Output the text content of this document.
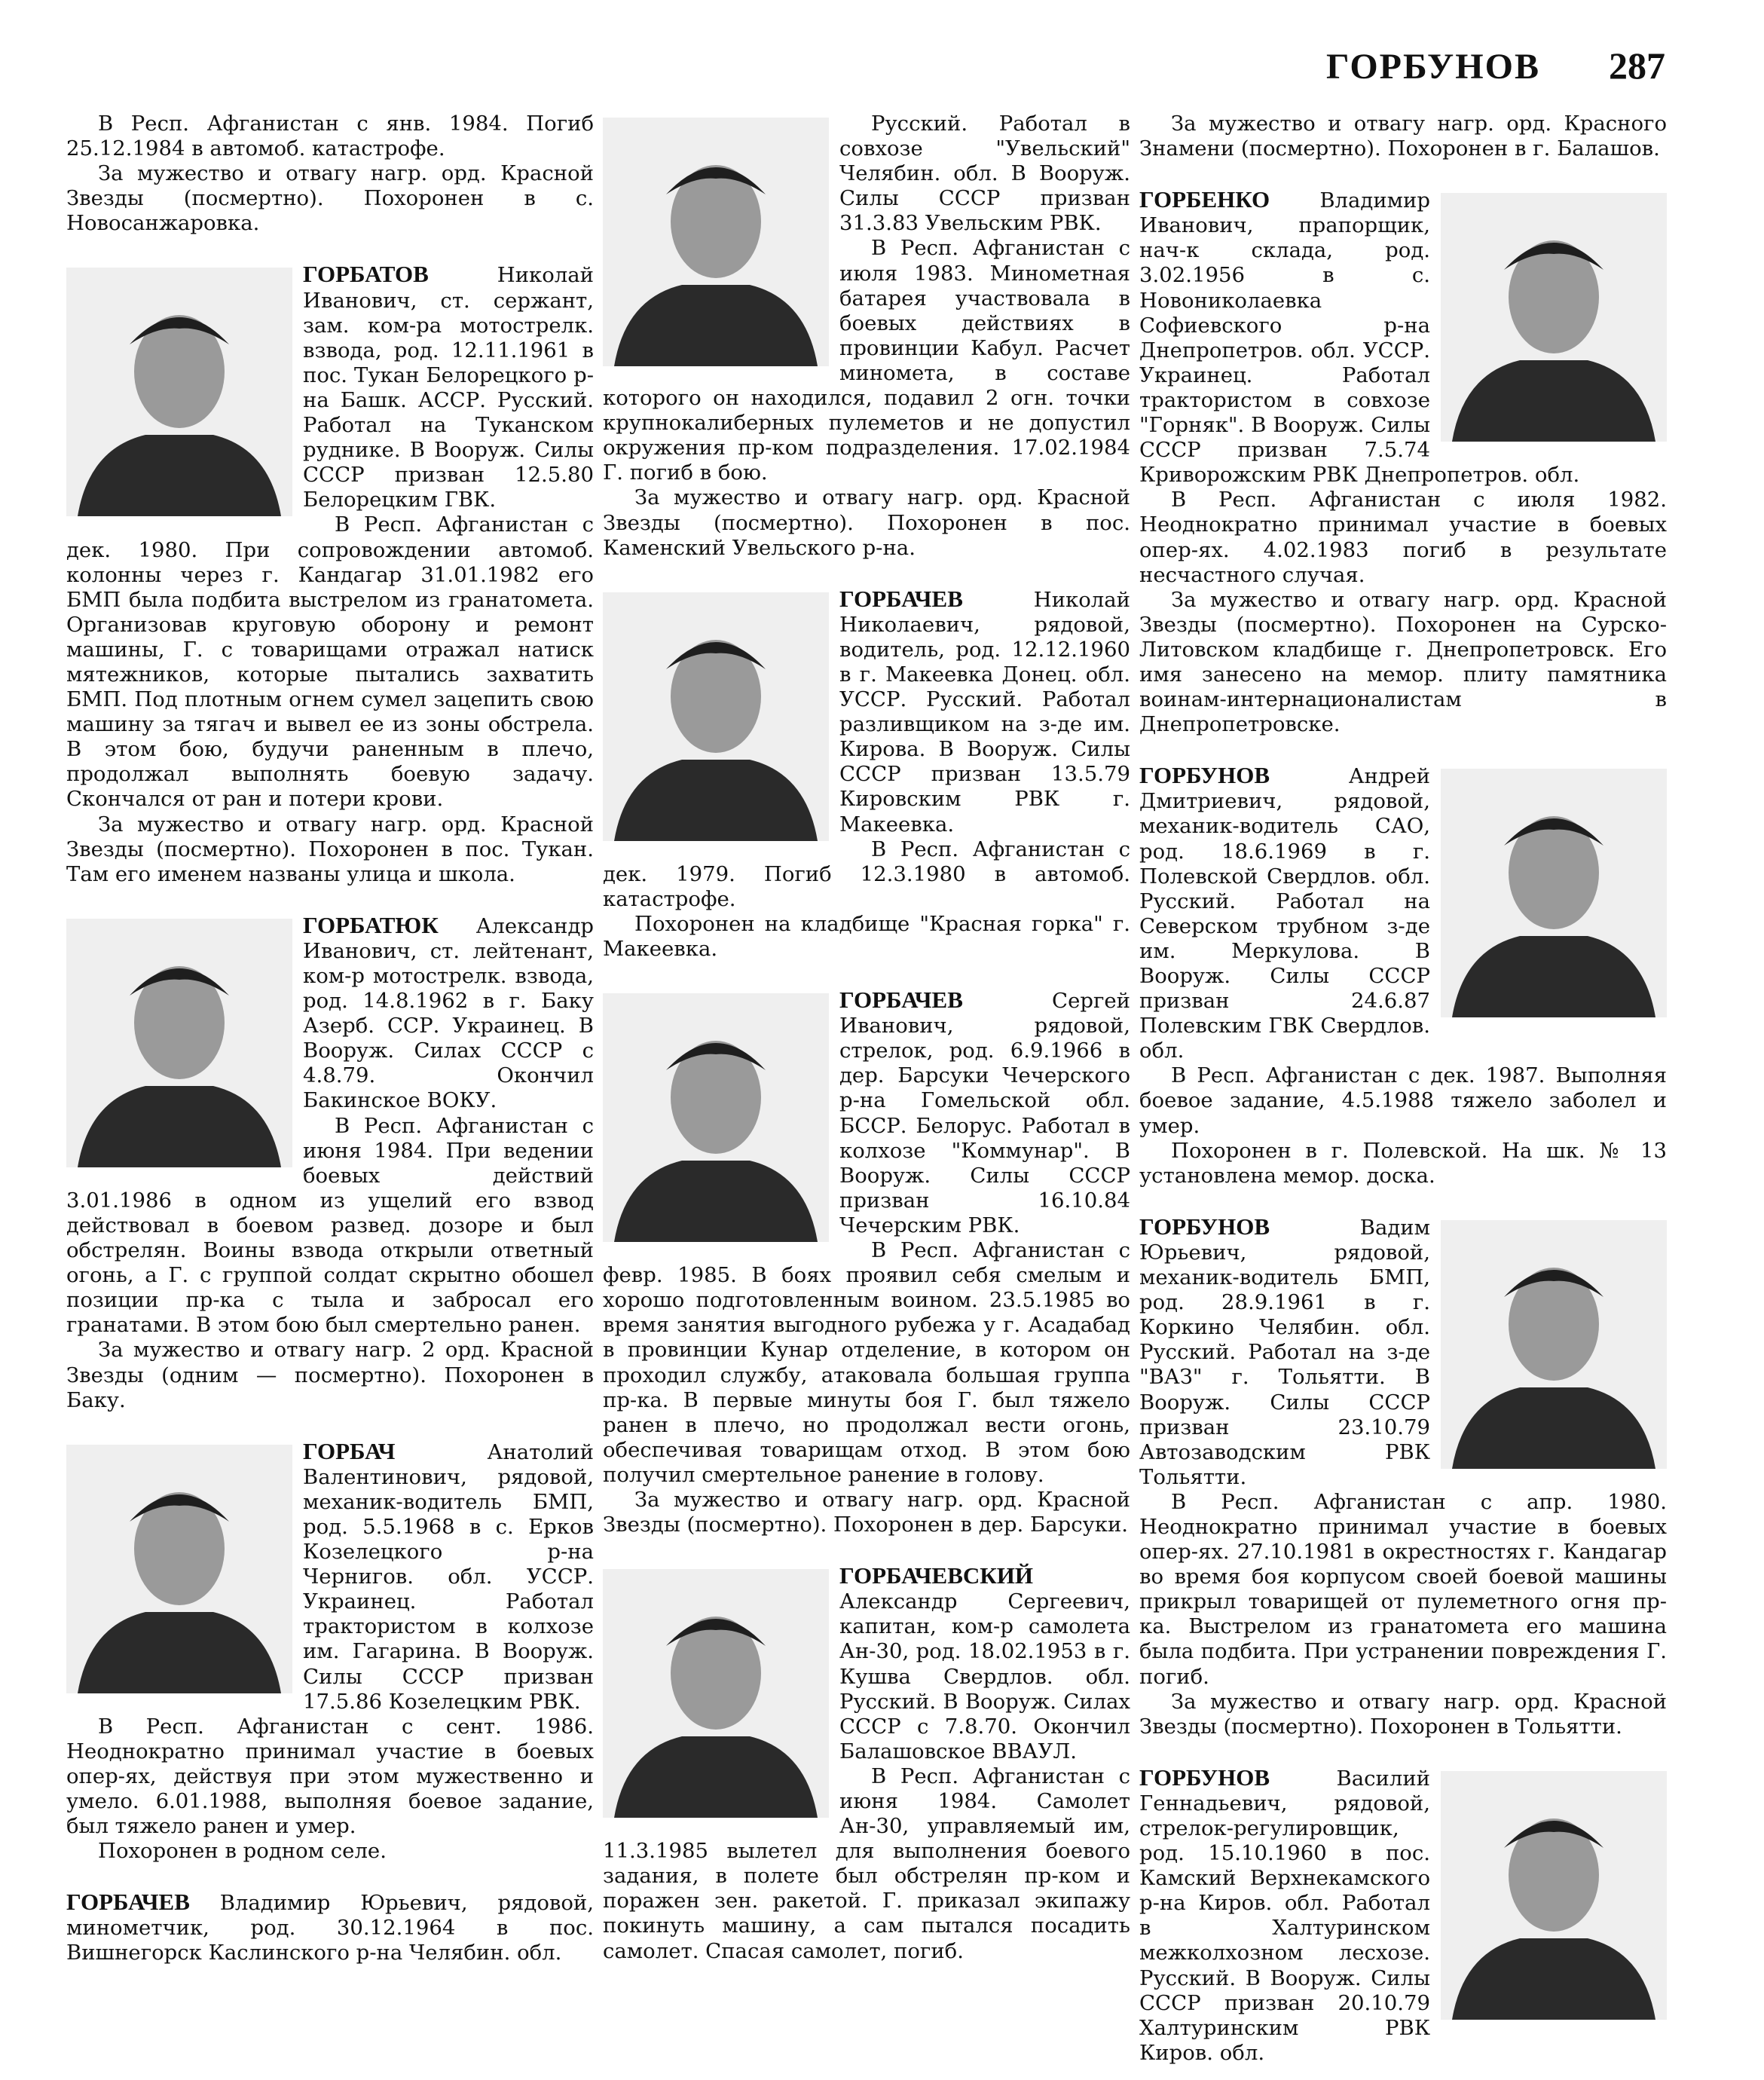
ГОРБУНОВ 287

В Респ. Афганистан с янв. 1984. Погиб 25.12.1984 в автомоб. катастрофе.

За мужество и отвагу нагр. орд. Красной Звезды (посмертно). Похоронен в с. Новосанжаровка.

ГОРБАТОВ Николай Иванович, ст. сержант, зам. ком-ра мотострелк. взвода, род. 12.11.1961 в пос. Тукан Белорецкого р-на Башк. АССР. Русский. Работал на Туканском руднике. В Вооруж. Силы СССР призван 12.5.80 Белорецким ГВК.

В Респ. Афганистан с дек. 1980. При сопровождении автомоб. колонны через г. Кандагар 31.01.1982 его БМП была подбита выстрелом из гранатомета. Организовав круговую оборону и ремонт машины, Г. с товарищами отражал натиск мятежников, которые пытались захватить БМП. Под плотным огнем сумел зацепить свою машину за тягач и вывел ее из зоны обстрела. В этом бою, будучи раненным в плечо, продолжал выполнять боевую задачу. Скончался от ран и потери крови.

За мужество и отвагу нагр. орд. Красной Звезды (посмертно). Похоронен в пос. Тукан. Там его именем названы улица и школа.

ГОРБАТЮК Александр Иванович, ст. лейтенант, ком-р мотострелк. взвода, род. 14.8.1962 в г. Баку Азерб. ССР. Украинец. В Вооруж. Силах СССР с 4.8.79. Окончил Бакинское ВОКУ.

В Респ. Афганистан с июня 1984. При ведении боевых действий 3.01.1986 в одном из ущелий его взвод действовал в боевом развед. дозоре и был обстрелян. Воины взвода открыли ответный огонь, а Г. с группой солдат скрытно обошел позиции пр-ка с тыла и забросал его гранатами. В этом бою был смертельно ранен.

За мужество и отвагу нагр. 2 орд. Красной Звезды (одним — посмертно). Похоронен в Баку.

ГОРБАЧ Анатолий Валентинович, рядовой, механик-водитель БМП, род. 5.5.1968 в с. Ерков Козелецкого р-на Чернигов. обл. УССР. Украинец. Работал трактористом в колхозе им. Гагарина. В Вооруж. Силы СССР призван 17.5.86 Козелецким РВК.

В Респ. Афганистан с сент. 1986. Неоднократно принимал участие в боевых опер-ях, действуя при этом мужественно и умело. 6.01.1988, выполняя боевое задание, был тяжело ранен и умер.

Похоронен в родном селе.

ГОРБАЧЕВ Владимир Юрьевич, рядовой, минометчик, род. 30.12.1964 в пос. Вишнегорск Каслинского р-на Челябин. обл.

Русский. Работал в совхозе "Увельский" Челябин. обл. В Вооруж. Силы СССР призван 31.3.83 Увельским РВК.

В Респ. Афганистан с июля 1983. Минометная батарея участвовала в боевых действиях в провинции Кабул. Расчет минометa, в составе которого он находился, подавил 2 огн. точки крупнокалиберных пулеметов и не допустил окружения пр-ком подразделения. 17.02.1984 Г. погиб в бою.

За мужество и отвагу нагр. орд. Красной Звезды (посмертно). Похоронен в пос. Каменский Увельского р-на.

ГОРБАЧЕВ Николай Николаевич, рядовой, водитель, род. 12.12.1960 в г. Макеевка Донец. обл. УССР. Русский. Работал разливщиком на з-де им. Кирова. В Вооруж. Силы СССР призван 13.5.79 Кировским РВК г. Макеевка.

В Респ. Афганистан с дек. 1979. Погиб 12.3.1980 в автомоб. катастрофе.

Похоронен на кладбище "Красная горка" г. Макеевка.

ГОРБАЧЕВ Сергей Иванович, рядовой, стрелок, род. 6.9.1966 в дер. Барсуки Чечерского р-на Гомельской обл. БССР. Белорус. Работал в колхозе "Коммунар". В Вооруж. Силы СССР призван 16.10.84 Чечерским РВК.

В Респ. Афганистан с февр. 1985. В боях проявил себя смелым и хорошо подготовленным воином. 23.5.1985 во время занятия выгодного рубежа у г. Асадабад в провинции Кунар отделение, в котором он проходил службу, атаковала большая группа пр-ка. В первые минуты боя Г. был тяжело ранен в плечо, но продолжал вести огонь, обеспечивая товарищам отход. В этом бою получил смертельное ранение в голову.

За мужество и отвагу нагр. орд. Красной Звезды (посмертно). Похоронен в дер. Барсуки.

ГОРБАЧЕВСКИЙ Александр Сергеевич, капитан, ком-р самолета Ан-30, род. 18.02.1953 в г. Кушва Свердлов. обл. Русский. В Вооруж. Силах СССР с 7.8.70. Окончил Балашовское ВВАУЛ.

В Респ. Афганистан с июня 1984. Самолет Ан-30, управляемый им, 11.3.1985 вылетел для выполнения боевого задания, в полете был обстрелян пр-ком и поражен зен. ракетой. Г. приказал экипажу покинуть машину, а сам пытался посадить самолет. Спасая самолет, погиб.

За мужество и отвагу нагр. орд. Красного Знамени (посмертно). Похоронен в г. Балашов.

ГОРБЕНКО Владимир Иванович, прапорщик, нач-к склада, род. 3.02.1956 в с. Новониколаевка Софиевского р-на Днепропетров. обл. УССР. Украинец. Работал трактористом в совхозе "Горняк". В Вооруж. Силы СССР призван 7.5.74 Криворожским РВК Днепропетров. обл.

В Респ. Афганистан с июля 1982. Неоднократно принимал участие в боевых опер-ях. 4.02.1983 погиб в результате несчастного случая.

За мужество и отвагу нагр. орд. Красной Звезды (посмертно). Похоронен на Сурско-Литовском кладбище г. Днепропетровск. Его имя занесено на мемор. плиту памятника воинам-интернационалистам в Днепропетровске.

ГОРБУНОВ Андрей Дмитриевич, рядовой, механик-водитель САО, род. 18.6.1969 в г. Полевской Свердлов. обл. Русский. Работал на Северском трубном з-де им. Меркулова. В Вооруж. Силы СССР призван 24.6.87 Полевским ГВК Свердлов. обл.

В Респ. Афганистан с дек. 1987. Выполняя боевое задание, 4.5.1988 тяжело заболел и умер.

Похоронен в г. Полевской. На шк. № 13 установлена мемор. доска.

ГОРБУНОВ Вадим Юрьевич, рядовой, механик-водитель БМП, род. 28.9.1961 в г. Коркино Челябин. обл. Русский. Работал на з-де "ВАЗ" г. Тольятти. В Вооруж. Силы СССР призван 23.10.79 Автозаводским РВК Тольятти.

В Респ. Афганистан с апр. 1980. Неоднократно принимал участие в боевых опер-ях. 27.10.1981 в окрестностях г. Кандагар во время боя корпусом своей боевой машины прикрыл товарищей от пулеметного огня пр-ка. Выстрелом из гранатомета его машина была подбита. При устранении повреждения Г. погиб.

За мужество и отвагу нагр. орд. Красной Звезды (посмертно). Похоронен в Тольятти.

ГОРБУНОВ Василий Геннадьевич, рядовой, стрелок-регулировщик, род. 15.10.1960 в пос. Камский Верхнекамского р-на Киров. обл. Работал в Халтуринском межколхозном лесхозе. Русский. В Вооруж. Силы СССР призван 20.10.79 Халтуринским РВК Киров. обл.
